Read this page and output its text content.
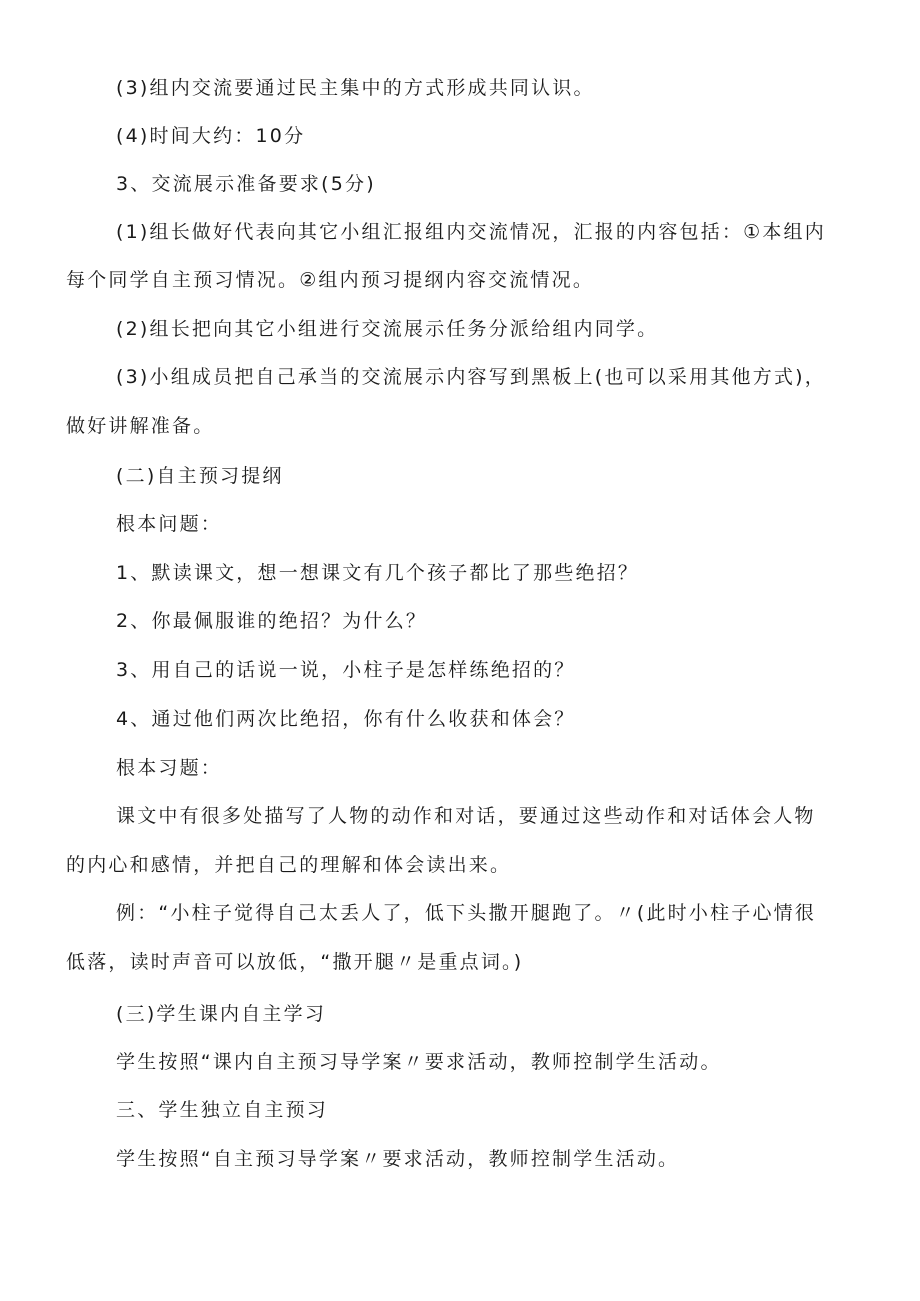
(3)组内交流要通过民主集中的方式形成共同认识。
(4)时间大约：10分
3、交流展示准备要求(5分)
(1)组长做好代表向其它小组汇报组内交流情况，汇报的内容包括：①本组内
每个同学自主预习情况。②组内预习提纲内容交流情况。
(2)组长把向其它小组进行交流展示任务分派给组内同学。
(3)小组成员把自己承当的交流展示内容写到黑板上(也可以采用其他方式)，
做好讲解准备。
(二)自主预习提纲
根本问题：
1、默读课文，想一想课文有几个孩子都比了那些绝招？
2、你最佩服谁的绝招？为什么？
3、用自己的话说一说，小柱子是怎样练绝招的？
4、通过他们两次比绝招，你有什么收获和体会？
根本习题：
课文中有很多处描写了人物的动作和对话，要通过这些动作和对话体会人物
的内心和感情，并把自己的理解和体会读出来。
例：“小柱子觉得自己太丢人了，低下头撒开腿跑了。〃(此时小柱子心情很
低落，读时声音可以放低，“撒开腿〃是重点词。)
(三)学生课内自主学习
学生按照“课内自主预习导学案〃要求活动，教师控制学生活动。
三、学生独立自主预习
学生按照“自主预习导学案〃要求活动，教师控制学生活动。
